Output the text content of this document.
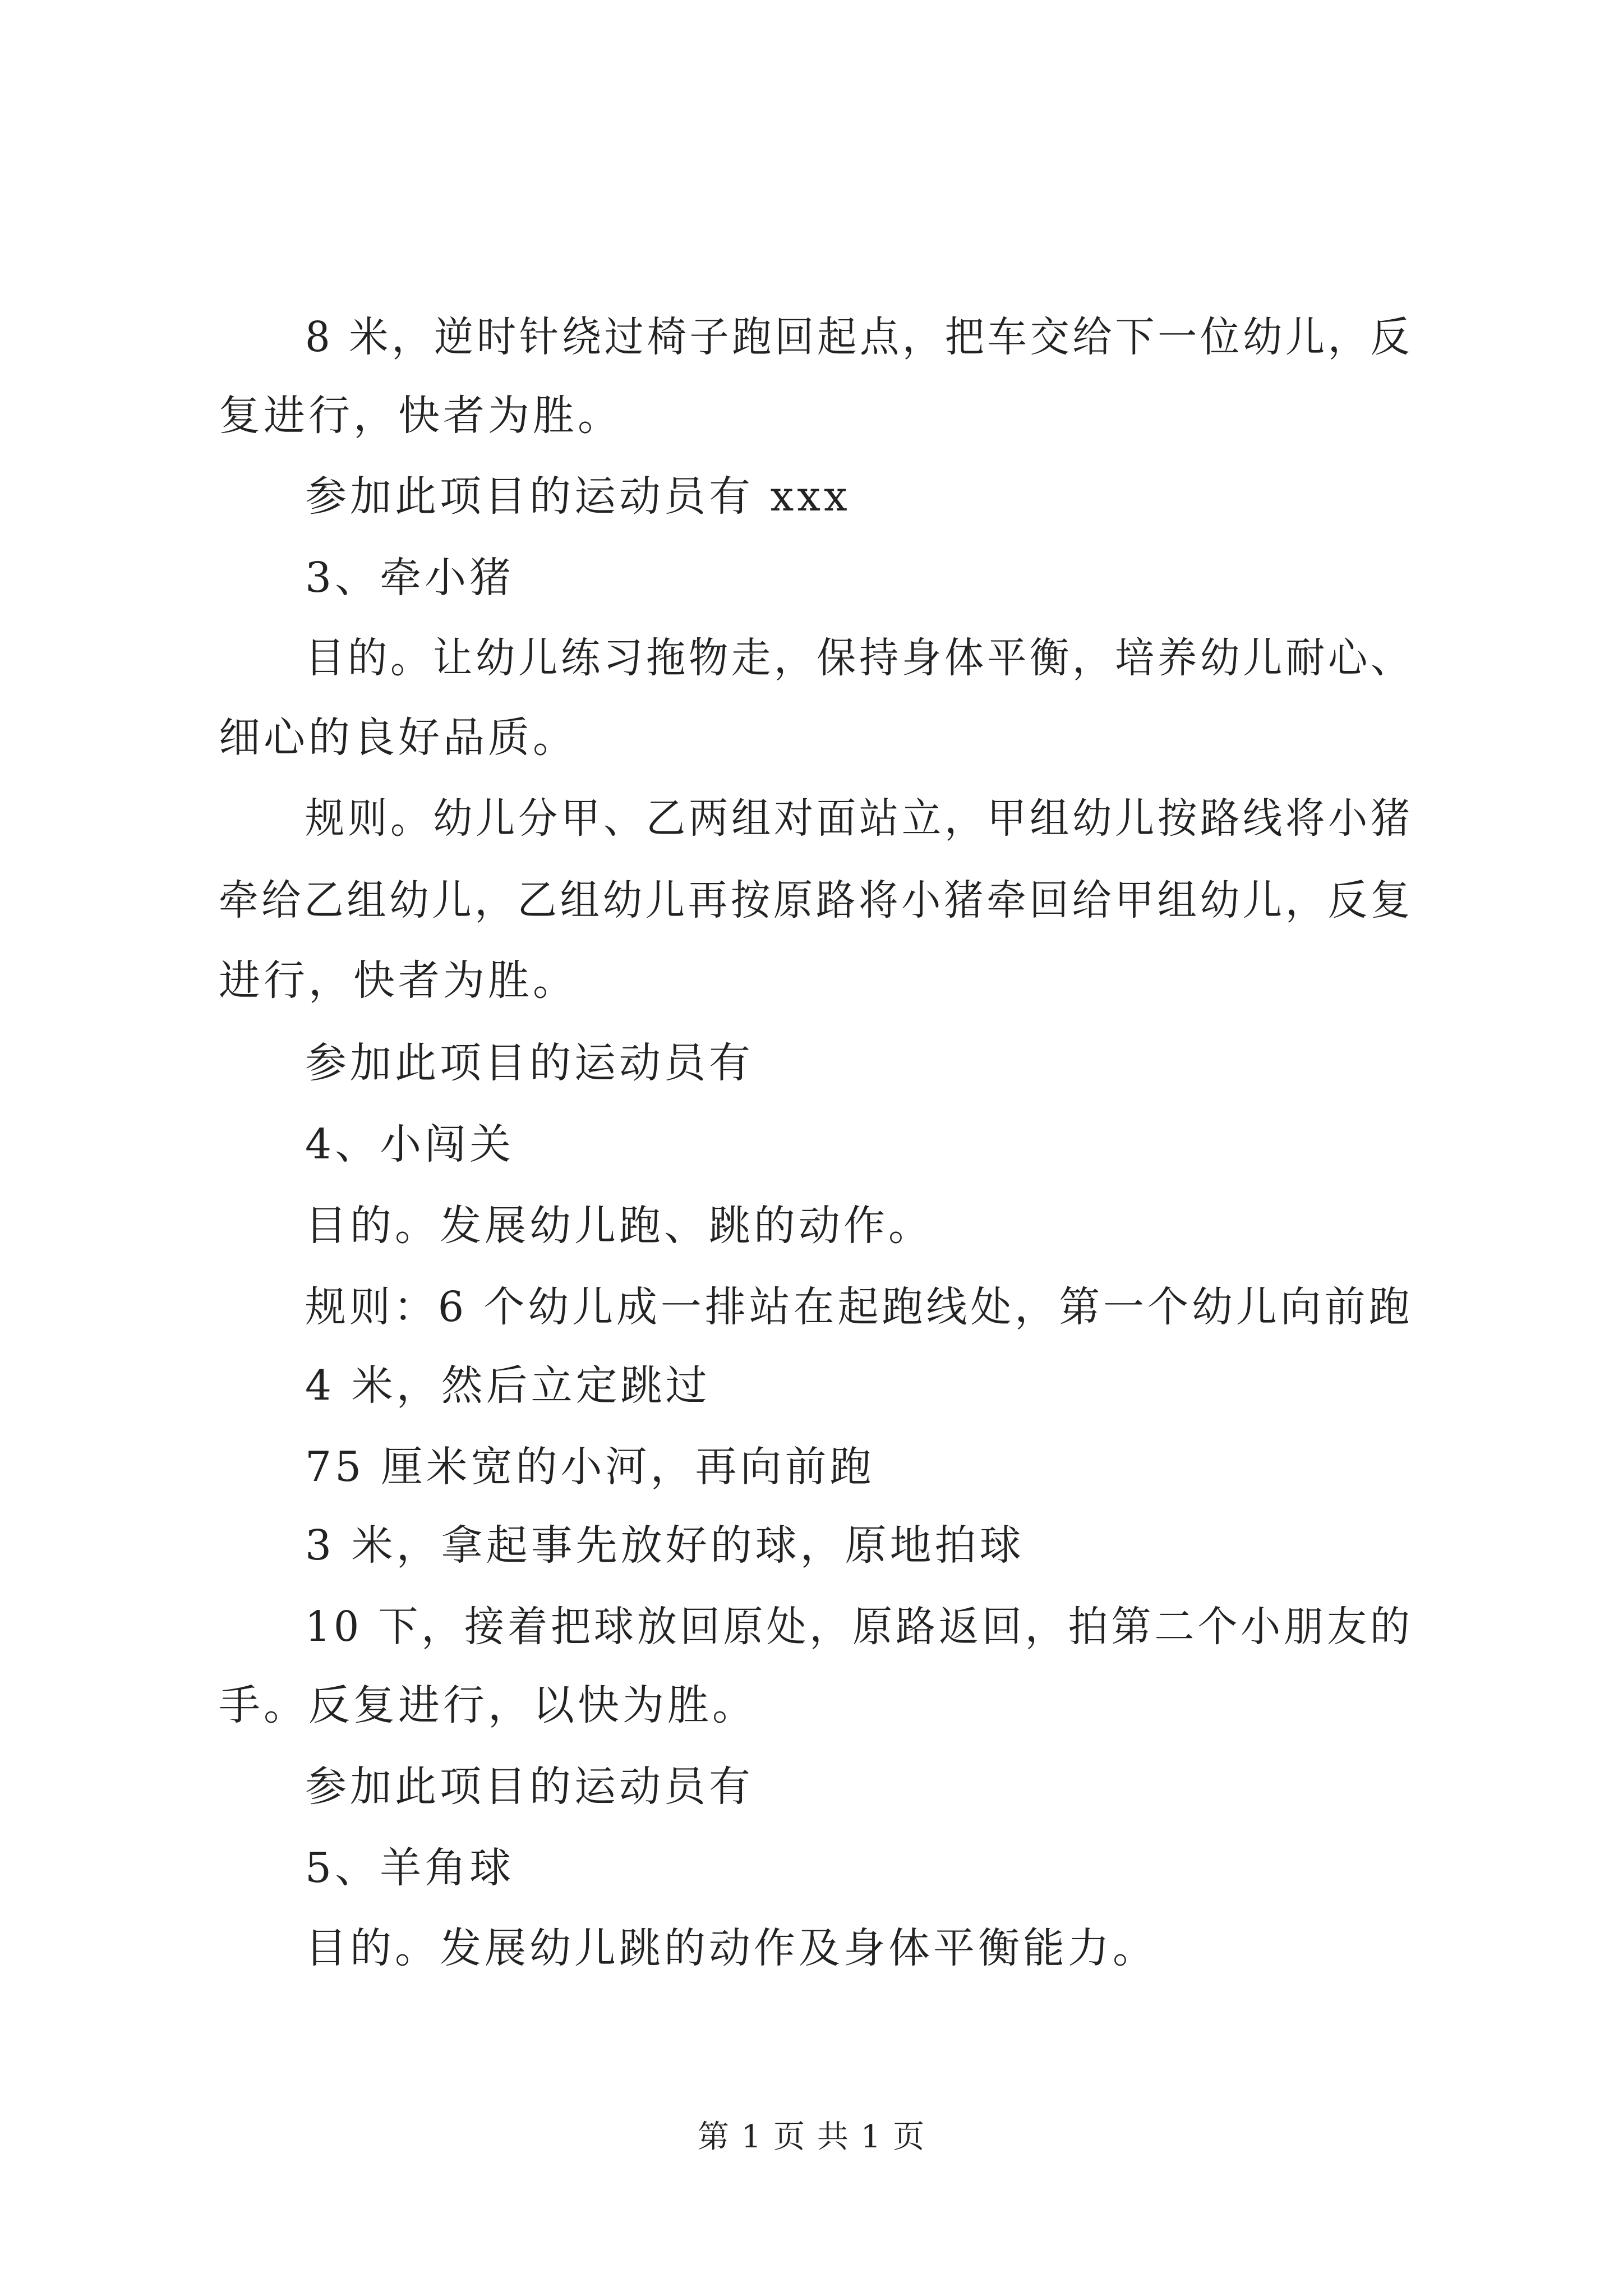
8 米，逆时针绕过椅子跑回起点，把车交给下一位幼儿，反
复进行，快者为胜。
参加此项目的运动员有 xxx
3、牵小猪
目的。让幼儿练习拖物走，保持身体平衡，培养幼儿耐心、
细心的良好品质。
规则。幼儿分甲、乙两组对面站立，甲组幼儿按路线将小猪
牵给乙组幼儿，乙组幼儿再按原路将小猪牵回给甲组幼儿，反复
进行，快者为胜。
参加此项目的运动员有
4、小闯关
目的。发展幼儿跑、跳的动作。
规则：6 个幼儿成一排站在起跑线处，第一个幼儿向前跑
4 米，然后立定跳过
75 厘米宽的小河，再向前跑
3 米，拿起事先放好的球，原地拍球
10 下，接着把球放回原处，原路返回，拍第二个小朋友的
手。反复进行，以快为胜。
参加此项目的运动员有
5、羊角球
目的。发展幼儿跳的动作及身体平衡能力。
第 1 页 共 1 页
